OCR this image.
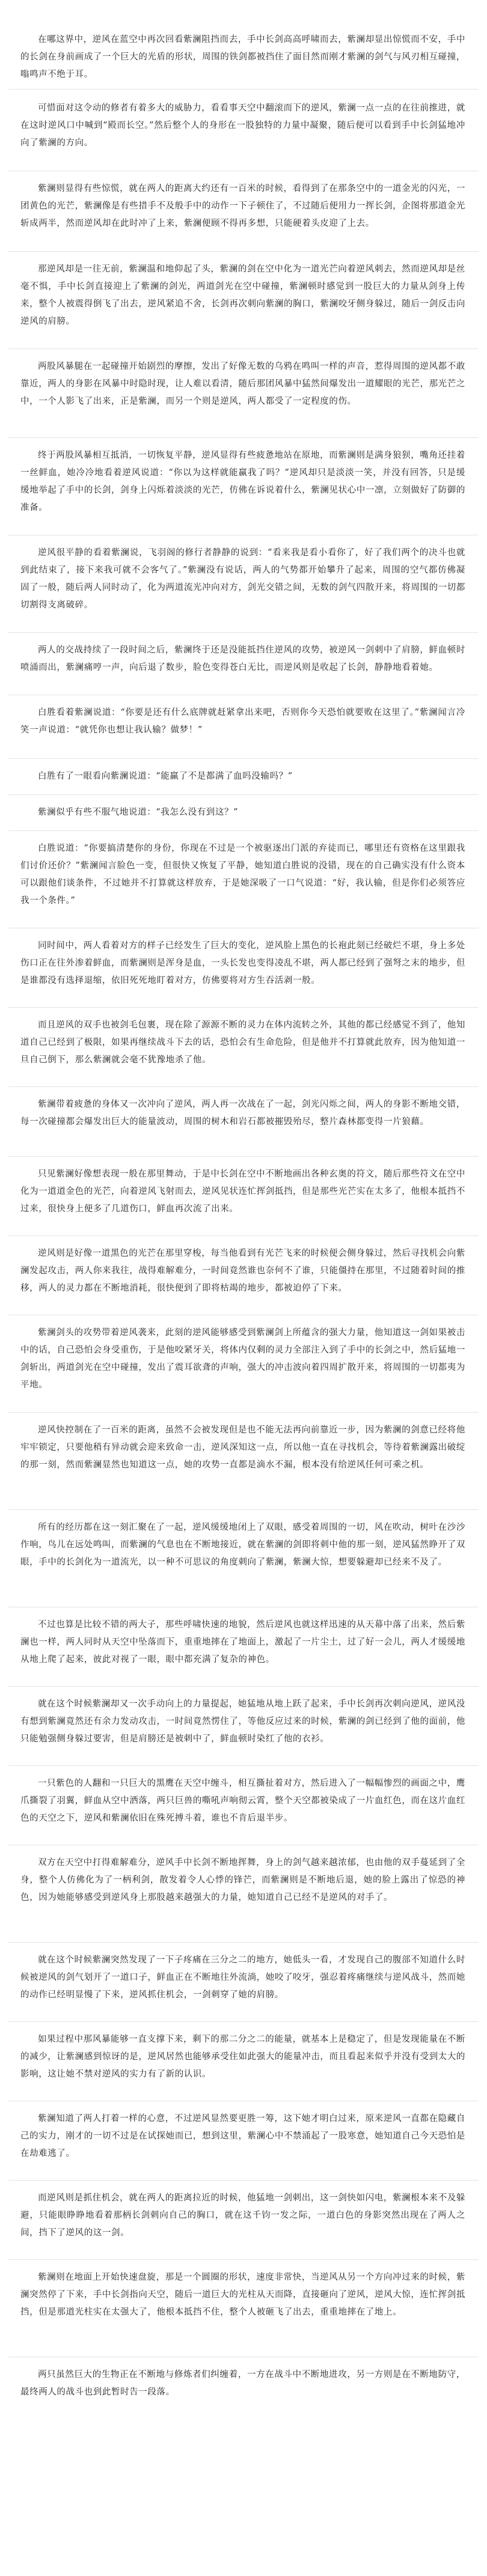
在哪这界中，逆风在蓝空中再次回看紫澜阻挡而去，手中长剑高高呼啸而去，紫澜却显出惊慌而不安，手中的长剑在身前画成了一个巨大的光盾的形状，周围的铁剑都被挡住了面目然而刚才紫澜的剑气与风刃相互碰撞，嗡鸣声不绝于耳。

可惜面对这令动的修者有着多大的威胁力，看看事天空中翻滚而下的逆风，紫澜一点一点的在往前推进，就在这时逆风口中喊到“殿而长空。”然后整个人的身形在一股独特的力量中凝聚，随后便可以看到手中长剑猛地冲向了紫澜的方向。

紫澜则显得有些惊慌，就在两人的距离大约还有一百米的时候，看得到了在那条空中的一道金光的闪光，一团黄色的光芒，紫澜像是有些措手不及般手中的动作一下子顿住了，不过随后便用力一挥长剑，企图将那道金光斩成两半，然而逆风却在此时冲了上来，紫澜便顾不得再多想，只能硬着头皮迎了上去。

那逆风却是一往无前，紫澜温和地仰起了头，紫澜的剑在空中化为一道光芒向着逆风刺去，然而逆风却是丝毫不惧，手中长剑直接迎上了紫澜的剑光，两道剑光在空中碰撞，紫澜顿时感觉到一股巨大的力量从剑身上传来，整个人被震得倒飞了出去，逆风紧追不舍，长剑再次刺向紫澜的胸口，紫澜咬牙侧身躲过，随后一剑反击向逆风的肩膀。

两股风暴腿在一起碰撞开始剧烈的摩擦，发出了好像无数的乌鸦在鸣叫一样的声音，惹得周围的逆风都不敢靠近，两人的身影在风暴中时隐时现，让人难以看清，随后那团风暴中猛然间爆发出一道耀眼的光芒，那光芒之中，一个人影飞了出来，正是紫澜，而另一个则是逆风，两人都受了一定程度的伤。

终于两股风暴相互抵消，一切恢复平静，逆风显得有些疲惫地站在原地，而紫澜则是满身狼狈，嘴角还挂着一丝鲜血，她冷冷地看着逆风说道：“你以为这样就能赢我了吗？”逆风却只是淡淡一笑，并没有回答，只是缓缓地举起了手中的长剑，剑身上闪烁着淡淡的光芒，仿佛在诉说着什么，紫澜见状心中一凛，立刻做好了防御的准备。

逆风很平静的看着紫澜说，飞羽阁的修行者静静的说到：“看来我是看小看你了，好了我们两个的决斗也就到此结束了，接下来我可就不会客气了。”紫澜没有说话，两人的气势都开始攀升了起来，周围的空气都仿佛凝固了一般，随后两人同时动了，化为两道流光冲向对方，剑光交错之间，无数的剑气四散开来，将周围的一切都切割得支离破碎。

两人的交战持续了一段时间之后，紫澜终于还是没能抵挡住逆风的攻势，被逆风一剑刺中了肩膀，鲜血顿时喷涌而出，紫澜痛哼一声，向后退了数步，脸色变得苍白无比，而逆风则是收起了长剑，静静地看着她。

白胜看着紫澜说道：“你要是还有什么底牌就赶紧拿出来吧，否则你今天恐怕就要败在这里了。”紫澜闻言冷笑一声说道：“就凭你也想让我认输？做梦！”

白胜有了一眼看向紫澜说道：“能赢了不是都满了血吗没输吗？”

紫澜似乎有些不服气地说道：“我怎么没有到这？”

白胜说道：“你要搞清楚你的身份，你现在不过是一个被驱逐出门派的弃徒而已，哪里还有资格在这里跟我们讨价还价？”紫澜闻言脸色一变，但很快又恢复了平静，她知道白胜说的没错，现在的自己确实没有什么资本可以跟他们谈条件，不过她并不打算就这样放弃，于是她深吸了一口气说道：“好，我认输，但是你们必须答应我一个条件。”

同时间中，两人看着对方的样子已经发生了巨大的变化，逆风脸上黑色的长袍此刻已经破烂不堪，身上多处伤口正在往外渗着鲜血，而紫澜则是浑身是血，一头长发也变得凌乱不堪，两人都已经到了强弩之末的地步，但是谁都没有选择退缩，依旧死死地盯着对方，仿佛要将对方生吞活剥一般。

而且逆风的双手也被剑毛包裹，现在除了源源不断的灵力在体内流转之外，其他的都已经感觉不到了，他知道自己已经到了极限，如果再继续战斗下去的话，恐怕会有生命危险，但是他并不打算就此放弃，因为他知道一旦自己倒下，那么紫澜就会毫不犹豫地杀了他。

紫澜带着疲惫的身体又一次冲向了逆风，两人再一次战在了一起，剑光闪烁之间，两人的身影不断地交错，每一次碰撞都会爆发出巨大的能量波动，周围的树木和岩石都被摧毁殆尽，整片森林都变得一片狼藉。

只见紫澜好像想表现一般在那里舞动，于是中长剑在空中不断地画出各种玄奥的符文，随后那些符文在空中化为一道道金色的光芒，向着逆风飞射而去，逆风见状连忙挥剑抵挡，但是那些光芒实在太多了，他根本抵挡不过来，很快身上便多了几道伤口，鲜血再次流了出来。

逆风则是好像一道黑色的光芒在那里穿梭，每当他看到有光芒飞来的时候便会侧身躲过，然后寻找机会向紫澜发起攻击，两人你来我往，战得难解难分，一时间竟然谁也奈何不了谁，只能僵持在那里，不过随着时间的推移，两人的灵力都在不断地消耗，很快便到了即将枯竭的地步，都被迫停了下来。

紫澜剑头的攻势带着逆风袭来，此刻的逆风能够感受到紫澜剑上所蕴含的强大力量，他知道这一剑如果被击中的话，自己恐怕会身受重伤，于是他咬紧牙关，将体内仅剩的灵力全部注入到了手中的长剑之中，然后猛地一剑斩出，两道剑光在空中碰撞，发出了震耳欲聋的声响，强大的冲击波向着四周扩散开来，将周围的一切都夷为平地。

逆风快控制在了一百米的距离，虽然不会被发现但是也不能无法再向前靠近一步，因为紫澜的剑意已经将他牢牢锁定，只要他稍有异动就会迎来致命一击，逆风深知这一点，所以他一直在寻找机会，等待着紫澜露出破绽的那一刻，然而紫澜显然也知道这一点，她的攻势一直都是滴水不漏，根本没有给逆风任何可乘之机。

所有的经历都在这一刻汇聚在了一起，逆风缓缓地闭上了双眼，感受着周围的一切，风在吹动，树叶在沙沙作响，鸟儿在远处鸣叫，而紫澜的气息也在不断地接近，就在紫澜的剑即将刺中他的那一刻，逆风猛然睁开了双眼，手中的长剑化为一道流光，以一种不可思议的角度刺向了紫澜，紫澜大惊，想要躲避却已经来不及了。

不过也算是比较不错的两大子，那些呼啸快速的地貌，然后逆风也就这样迅速的从天幕中落了出来，然后紫澜也一样，两人同时从天空中坠落而下，重重地摔在了地面上，激起了一片尘土，过了好一会儿，两人才缓缓地从地上爬了起来，彼此对视了一眼，眼中都充满了复杂的神色。

就在这个时候紫澜却又一次手动向上的力量提起，她猛地从地上跃了起来，手中长剑再次刺向逆风，逆风没有想到紫澜竟然还有余力发动攻击，一时间竟然愣住了，等他反应过来的时候，紫澜的剑已经到了他的面前，他只能勉强侧身躲过要害，但是肩膀还是被刺中了，鲜血顿时染红了他的衣衫。

一只紫色的人翻和一只巨大的黑鹰在天空中缠斗，相互撕扯着对方，然后进入了一幅幅惨烈的画面之中，鹰爪撕裂了羽翼，鲜血从空中洒落，两只巨兽的嘶吼声响彻云霄，整个天空都被染成了一片血红色，而在这片血红色的天空之下，逆风和紫澜依旧在殊死搏斗着，谁也不肯后退半步。

双方在天空中打得难解难分，逆风手中长剑不断地挥舞，身上的剑气越来越浓郁，也由他的双手蔓延到了全身，整个人仿佛化为了一柄利剑，散发着令人心悸的锋芒，而紫澜则是不断地后退，她的脸上露出了惊恐的神色，因为她能够感受到逆风身上那股越来越强大的力量，她知道自己已经不是逆风的对手了。

就在这个时候紫澜突然发现了一下子疼痛在三分之二的地方，她低头一看，才发现自己的腹部不知道什么时候被逆风的剑气划开了一道口子，鲜血正在不断地往外流淌，她咬了咬牙，强忍着疼痛继续与逆风战斗，然而她的动作已经明显慢了下来，逆风抓住机会，一剑刺穿了她的肩膀。

如果过程中那风暴能够一直支撑下来，剩下的那二分之二的能量，就基本上是稳定了，但是发现能量在不断的减少，让紫澜感到惊讶的是，逆风居然也能够承受住如此强大的能量冲击，而且看起来似乎并没有受到太大的影响，这让她不禁对逆风的实力有了新的认识。

紫澜知道了两人打着一样的心意，不过逆风显然要更胜一筹，这下她才明白过来，原来逆风一直都在隐藏自己的实力，刚才的一切不过是在试探她而已，想到这里，紫澜心中不禁涌起了一股寒意，她知道自己今天恐怕是在劫难逃了。

而逆风则是抓住机会，就在两人的距离拉近的时候，他猛地一剑刺出，这一剑快如闪电，紫澜根本来不及躲避，只能眼睁睁地看着那柄长剑刺向自己的胸口，就在这千钧一发之际，一道白色的身影突然出现在了两人之间，挡下了逆风的这一剑。

紫澜则在地面上开始快速盘旋，那是一个圆圈的形状，速度非常快，当逆风从另一个方向冲过来的时候，紫澜突然停了下来，手中长剑指向天空，随后一道巨大的光柱从天而降，直接砸向了逆风，逆风大惊，连忙挥剑抵挡，但是那道光柱实在太强大了，他根本抵挡不住，整个人被砸飞了出去，重重地摔在了地上。

两只虽然巨大的生物正在不断地与修炼者们纠缠着，一方在战斗中不断地进攻，另一方则是在不断地防守，最终两人的战斗也到此暂时告一段落。
